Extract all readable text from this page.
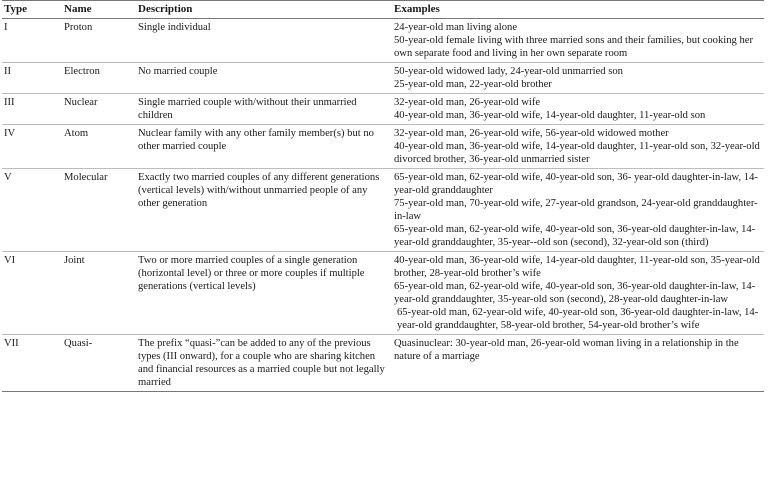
Type	Name	Description	Examples
I	Proton	Single individual	24-year-old man living alone
50-year-old female living with three married sons and their families, but cooking her own separate food and living in her own separate room

II	Electron	No married couple	50-year-old widowed lady, 24-year-old unmarried son
25-year-old man, 22-year-old brother

III	Nuclear	Single married couple with/without their unmarried children	32-year-old man, 26-year-old wife
40-year-old man, 36-year-old wife, 14-year-old daughter, 11-year-old son

IV	Atom	Nuclear family with any other family member(s) but no other married couple	32-year-old man, 26-year-old wife, 56-year-old widowed mother
40-year-old man, 36-year-old wife, 14-year-old daughter, 11-year-old son, 32-year-old divorced brother, 36-year-old unmarried sister

V	Molecular	Exactly two married couples of any different generations (vertical levels) with/without unmarried people of any other generation	65-year-old man, 62-year-old wife, 40-year-old son, 36- year-old daughter-in-law, 14-year-old granddaughter
75-year-old man, 70-year-old wife, 27-year-old grandson, 24-year-old granddaughter-in-law
65-year-old man, 62-year-old wife, 40-year-old son, 36-year-old daughter-in-law, 14-year-old granddaughter, 35-year--old son (second), 32-year-old son (third)

VI	Joint	Two or more married couples of a single generation (horizontal level) or three or more couples if multiple generations (vertical levels)	40-year-old man, 36-year-old wife, 14-year-old daughter, 11-year-old son, 35-year-old brother, 28-year-old brother’s wife
65-year-old man, 62-year-old wife, 40-year-old son, 36-year-old daughter-in-law, 14-year-old granddaughter, 35-year-old son (second), 28-year-old daughter-in-law
65-year-old man, 62-year-old wife, 40-year-old son, 36-year-old daughter-in-law, 14-year-old granddaughter, 58-year-old brother, 54-year-old brother’s wife

VII	Quasi-	The prefix “quasi-”can be added to any of the previous types (III onward), for a couple who are sharing kitchen and financial resources as a married couple but not legally married	Quasinuclear: 30-year-old man, 26-year-old woman living in a relationship in the nature of a marriage
